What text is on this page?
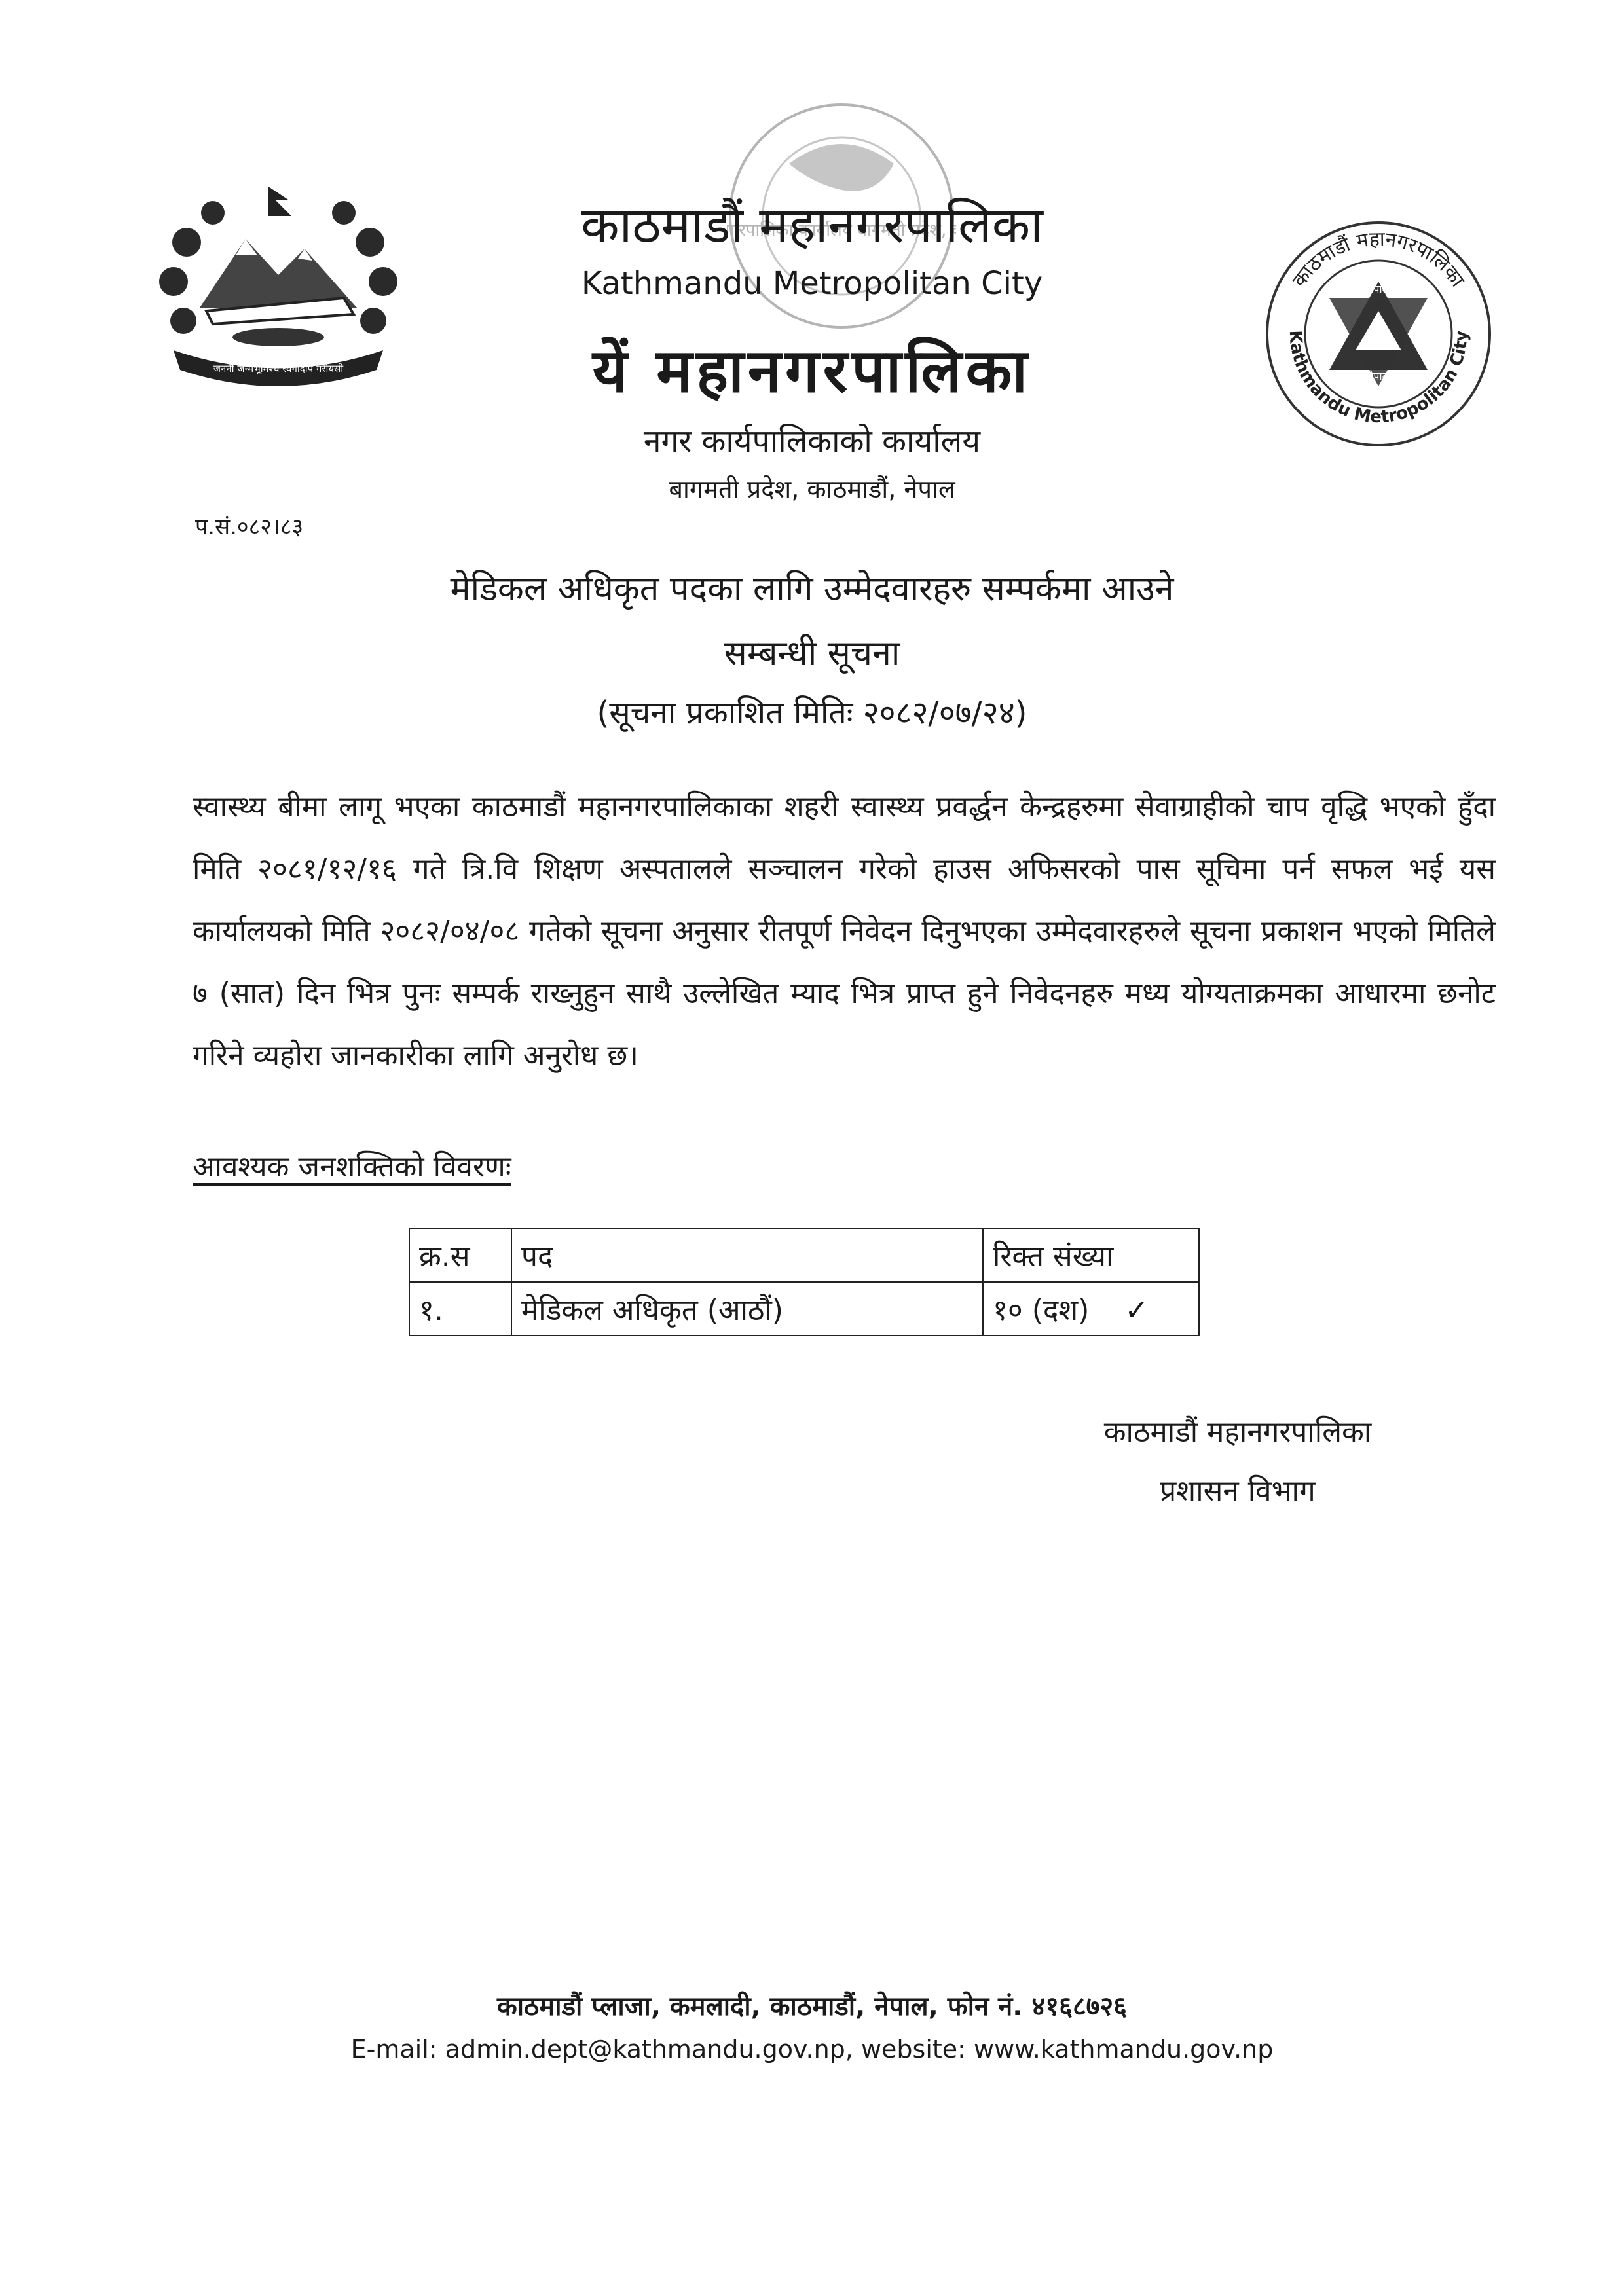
जननी जन्मभूमिश्च स्वर्गादपि गरीयसी
गरपालिका कार्यालय बागमती प्रदेश,
काठमाडौं महानगरपालिका
Kathmandu Metropolitan City
नेपाल
नेपाल
काठमाडौं महानगरपालिका
Kathmandu Metropolitan City
यें महानगरपालिका
नगर कार्यपालिकाको कार्यालय
बागमती प्रदेश, काठमाडौं, नेपाल
प.सं.०८२।८३
मेडिकल अधिकृत पदका लागि उम्मेदवारहरु सम्पर्कमा आउने
सम्बन्धी सूचना
(सूचना प्रकाशित मितिः २०८२/०७/२४)
स्वास्थ्य बीमा लागू भएका काठमाडौं महानगरपालिकाका शहरी स्वास्थ्य प्रवर्द्धन केन्द्रहरुमा सेवाग्राहीको चाप वृद्धि भएको हुँदा मिति २०८१/१२/१६ गते त्रि.वि शिक्षण अस्पतालले सञ्चालन गरेको हाउस अफिसरको पास सूचिमा पर्न सफल भई यस कार्यालयको मिति २०८२/०४/०८ गतेको सूचना अनुसार रीतपूर्ण निवेदन दिनुभएका उम्मेदवारहरुले सूचना प्रकाशन भएको मितिले ७ (सात) दिन भित्र पुनः सम्पर्क राख्नुहुन साथै उल्लेखित म्याद भित्र प्राप्त हुने निवेदनहरु मध्य योग्यताक्रमका आधारमा छनोट गरिने व्यहोरा जानकारीका लागि अनुरोध छ।
आवश्यक जनशक्तिको विवरणः
क्र.स	पद	रिक्त संख्या
१.	मेडिकल अधिकृत (आठौं)	१० (दश) ✓
काठमाडौं महानगरपालिका
प्रशासन विभाग
काठमाडौं प्लाजा, कमलादी, काठमाडौं, नेपाल, फोन नं. ४१६८७२६
E-mail: admin.dept@kathmandu.gov.np, website: www.kathmandu.gov.np
